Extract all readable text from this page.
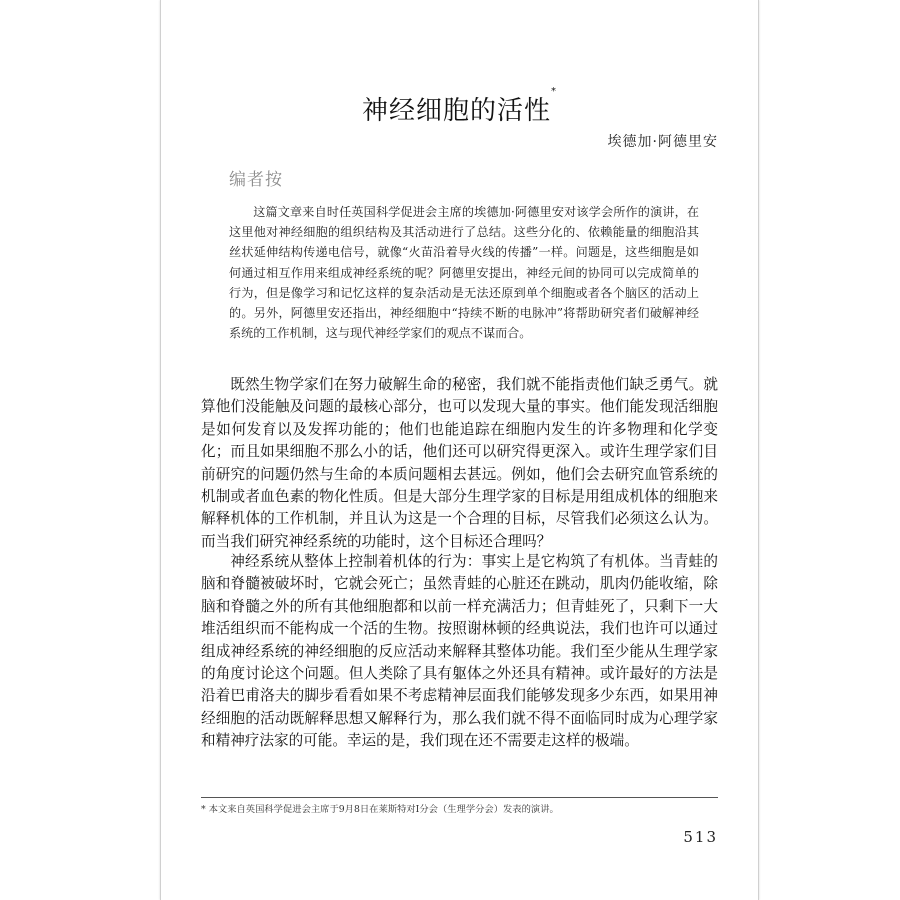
神经细胞的活性*
埃德加·阿德里安
编者按
这篇文章来自时任英国科学促进会主席的埃德加·阿德里安对该学会所作的演讲，在这里他对神经细胞的组织结构及其活动进行了总结。这些分化的、依赖能量的细胞沿其丝状延伸结构传递电信号，就像“火苗沿着导火线的传播”一样。问题是，这些细胞是如何通过相互作用来组成神经系统的呢？阿德里安提出，神经元间的协同可以完成简单的行为，但是像学习和记忆这样的复杂活动是无法还原到单个细胞或者各个脑区的活动上的。另外，阿德里安还指出，神经细胞中“持续不断的电脉冲”将帮助研究者们破解神经系统的工作机制，这与现代神经学家们的观点不谋而合。
既然生物学家们在努力破解生命的秘密，我们就不能指责他们缺乏勇气。就算他们没能触及问题的最核心部分，也可以发现大量的事实。他们能发现活细胞是如何发育以及发挥功能的；他们也能追踪在细胞内发生的许多物理和化学变化；而且如果细胞不那么小的话，他们还可以研究得更深入。或许生理学家们目前研究的问题仍然与生命的本质问题相去甚远。例如，他们会去研究血管系统的机制或者血色素的物化性质。但是大部分生理学家的目标是用组成机体的细胞来解释机体的工作机制，并且认为这是一个合理的目标，尽管我们必须这么认为。而当我们研究神经系统的功能时，这个目标还合理吗？
神经系统从整体上控制着机体的行为：事实上是它构筑了有机体。当青蛙的脑和脊髓被破坏时，它就会死亡；虽然青蛙的心脏还在跳动，肌肉仍能收缩，除脑和脊髓之外的所有其他细胞都和以前一样充满活力；但青蛙死了，只剩下一大堆活组织而不能构成一个活的生物。按照谢林顿的经典说法，我们也许可以通过组成神经系统的神经细胞的反应活动来解释其整体功能。我们至少能从生理学家的角度讨论这个问题。但人类除了具有躯体之外还具有精神。或许最好的方法是沿着巴甫洛夫的脚步看看如果不考虑精神层面我们能够发现多少东西，如果用神经细胞的活动既解释思想又解释行为，那么我们就不得不面临同时成为心理学家和精神疗法家的可能。幸运的是，我们现在还不需要走这样的极端。
* 本文来自英国科学促进会主席于9月8日在莱斯特对I分会（生理学分会）发表的演讲。
513
